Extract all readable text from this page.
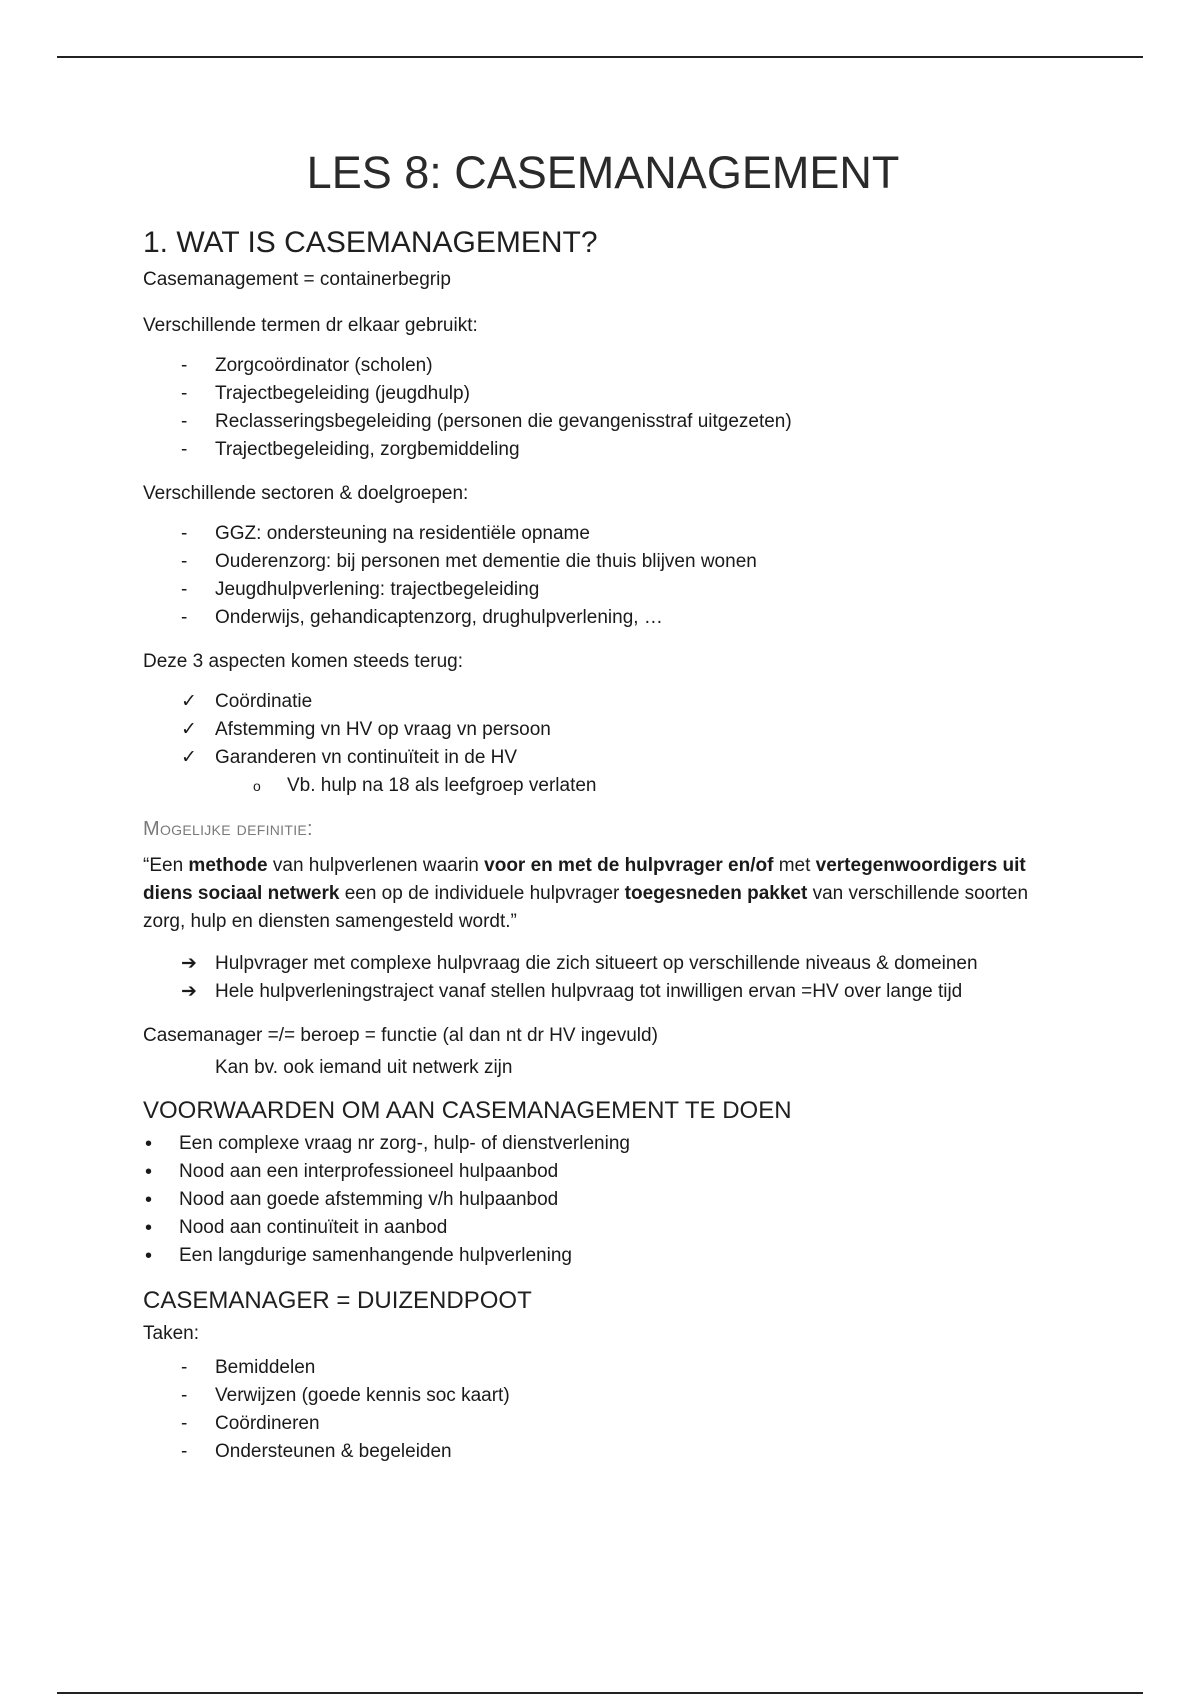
LES 8: CASEMANAGEMENT
1. WAT IS CASEMANAGEMENT?

Casemanagement = containerbegrip

Verschillende termen dr elkaar gebruikt:

-	Zorgcoördinator (scholen)
-	Trajectbegeleiding (jeugdhulp)
-	Reclasseringsbegeleiding (personen die gevangenisstraf uitgezeten)
-	Trajectbegeleiding, zorgbemiddeling

Verschillende sectoren & doelgroepen:

-	GGZ: ondersteuning na residentiële opname
-	Ouderenzorg: bij personen met dementie die thuis blijven wonen
-	Jeugdhulpverlening: trajectbegeleiding
-	Onderwijs, gehandicaptenzorg, drughulpverlening, …

Deze 3 aspecten komen steeds terug:

✓ Coördinatie
✓ Afstemming vn HV op vraag vn persoon
✓ Garanderen vn continuïteit in de HV
o	Vb. hulp na 18 als leefgroep verlaten
Mogelijke definitie:

“Een methode van hulpverlenen waarin voor en met de hulpvrager en/of met vertegenwoordigers uit diens sociaal netwerk een op de individuele hulpvrager toegesneden pakket van verschillende soorten zorg, hulp en diensten samengesteld wordt.”

➔ Hulpvrager met complexe hulpvraag die zich situeert op verschillende niveaus & domeinen
➔ Hele hulpverleningstraject vanaf stellen hulpvraag tot inwilligen ervan =HV over lange tijd

Casemanager =/= beroep = functie (al dan nt dr HV ingevuld)

Kan bv. ook iemand uit netwerk zijn

VOORWAARDEN OM AAN CASEMANAGEMENT TE DOEN
•	Een complexe vraag nr zorg-, hulp- of dienstverlening
•	Nood aan een interprofessioneel hulpaanbod
•	Nood aan goede afstemming v/h hulpaanbod
•	Nood aan continuïteit in aanbod
•	Een langdurige samenhangende hulpverlening
CASEMANAGER = DUIZENDPOOT

Taken:

-	Bemiddelen
-	Verwijzen (goede kennis soc kaart)
-	Coördineren
-	Ondersteunen & begeleiden
